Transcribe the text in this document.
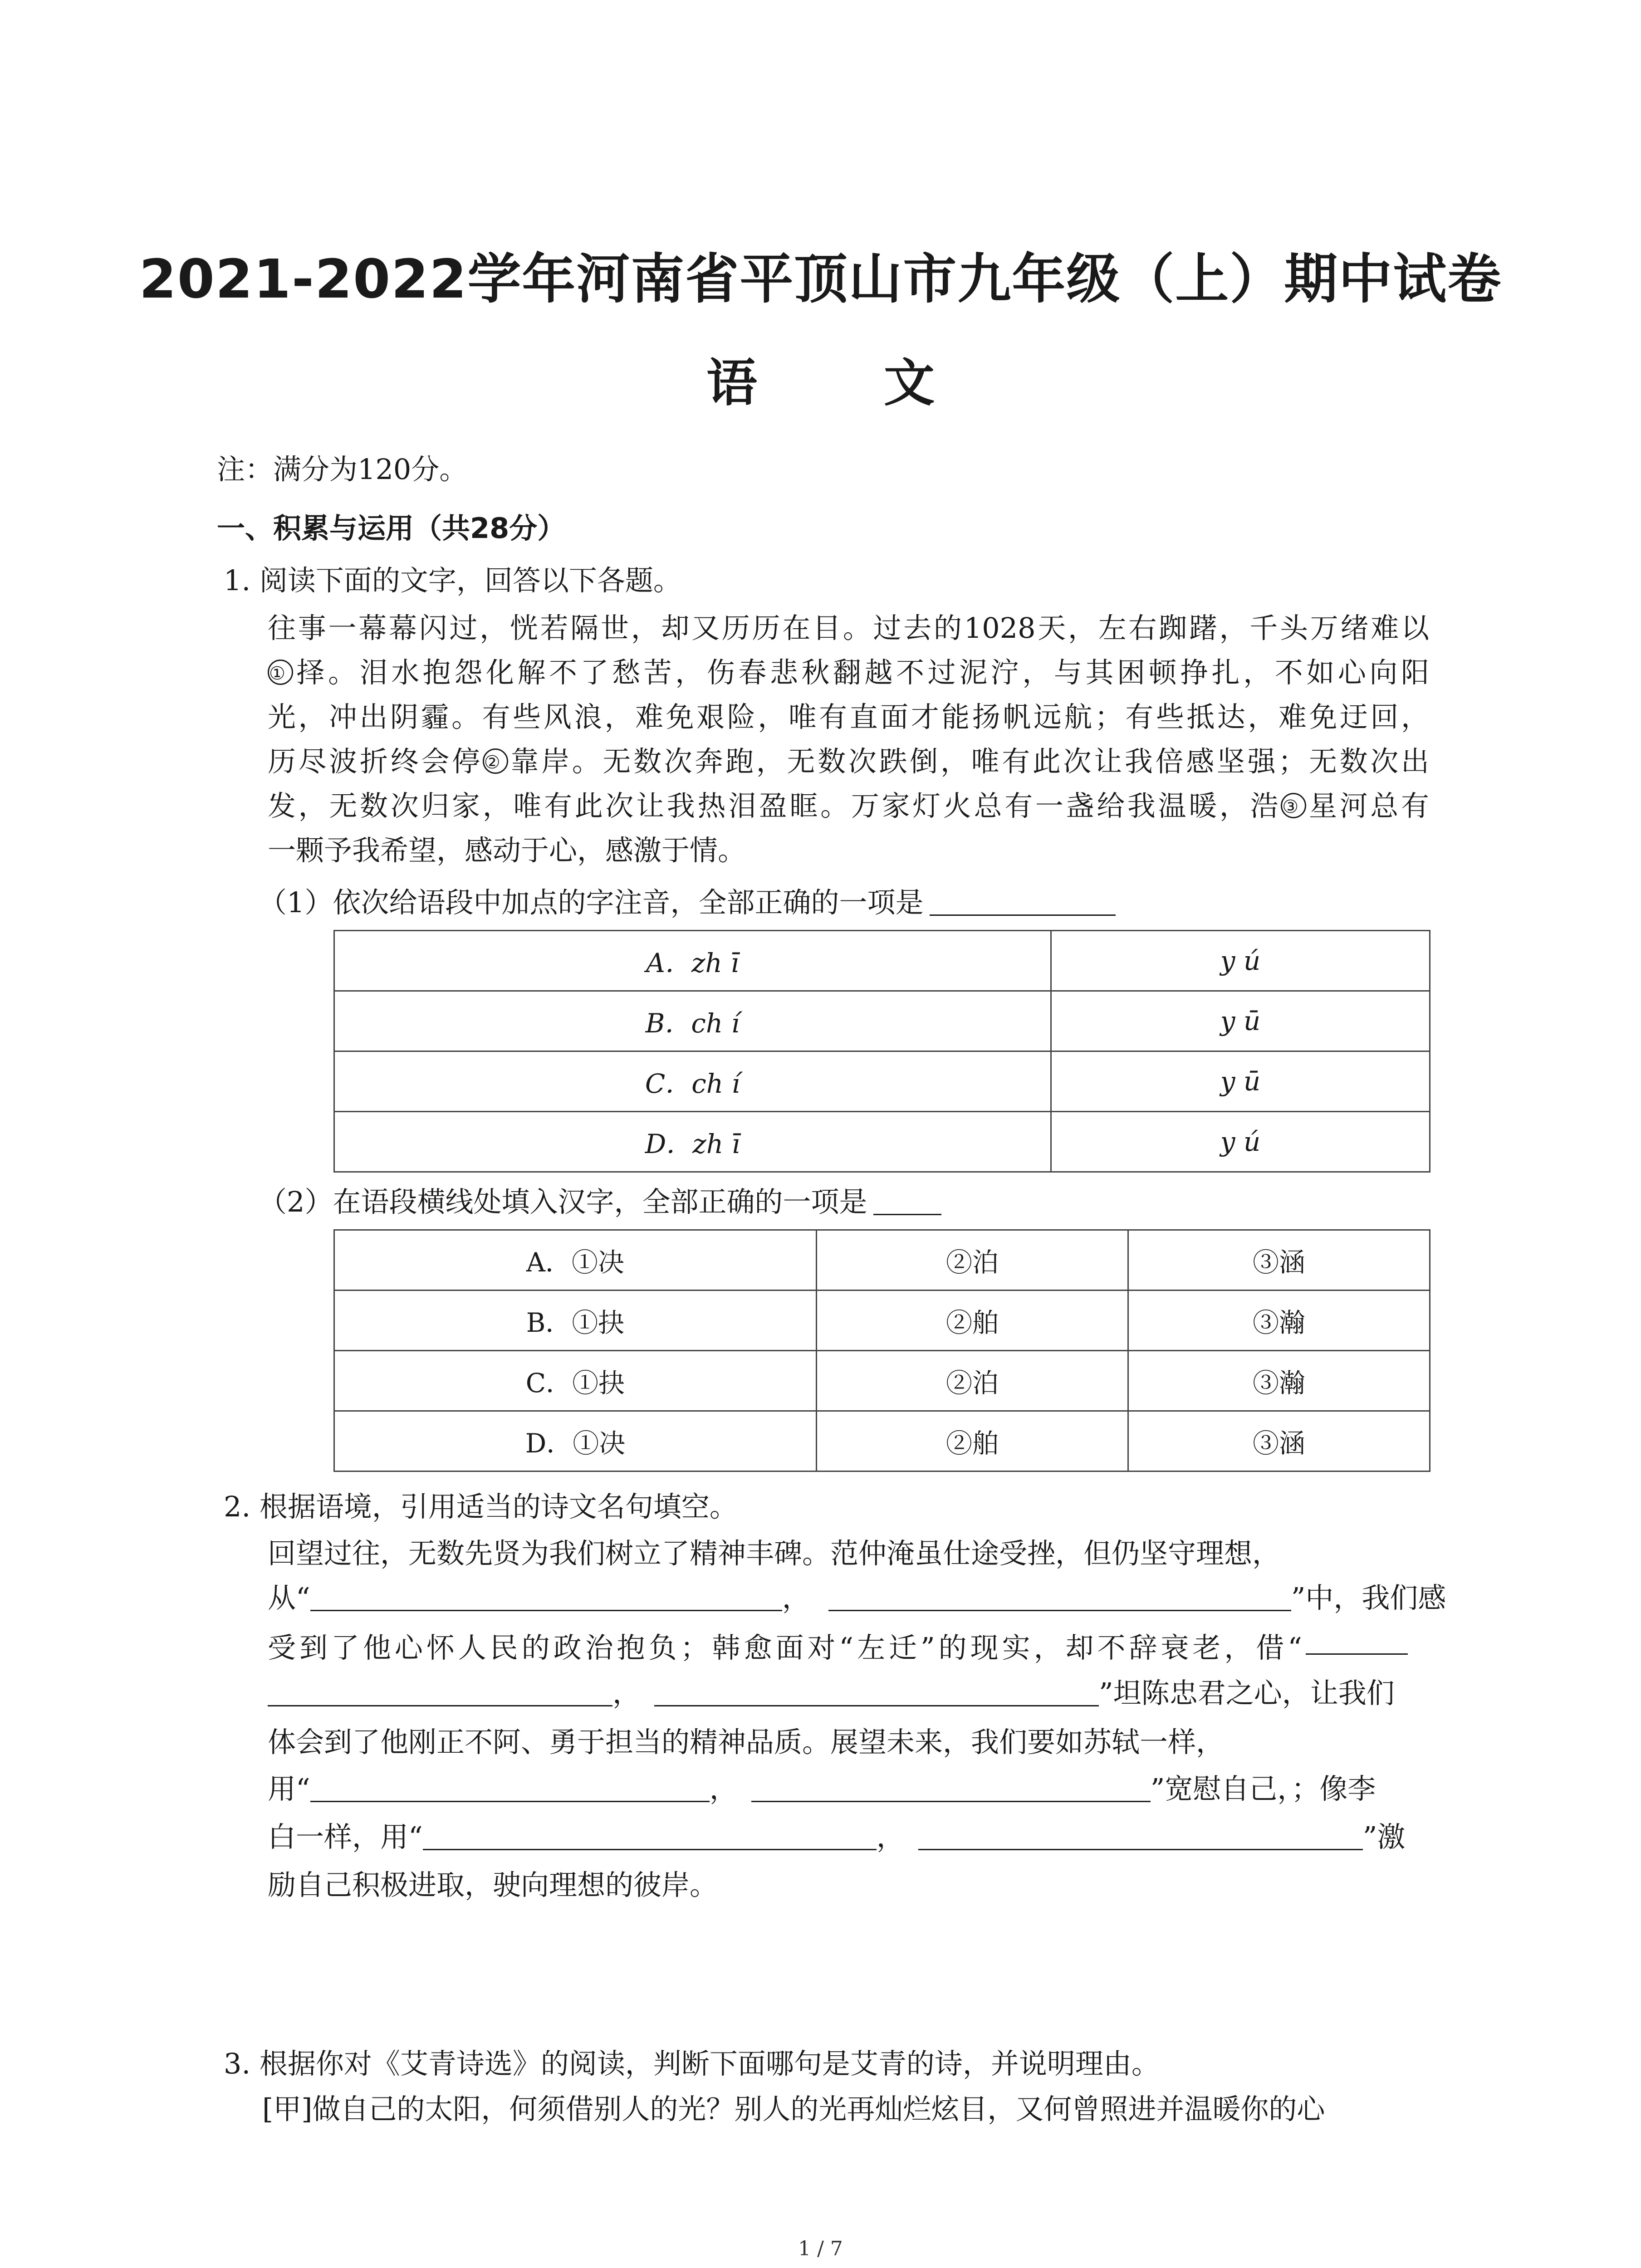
2021-2022学年河南省平顶山市九年级（上）期中试卷
语 文
注：满分为120分。
一、积累与运用（共28分）
1. 阅读下面的文字，回答以下各题。
往事一幕幕闪过，恍若隔世，却又历历在目。过去的1028天，左右踟躇，千头万绪难以
① 择。泪水抱怨化解不了愁苦，伤春悲秋翻越不过泥泞，与其困顿挣扎，不如心向阳
光，冲出阴霾。有些风浪，难免艰险，唯有直面才能扬帆远航；有些抵达，难免迂回，
历尽波折终会停② 靠岸。无数次奔跑，无数次跌倒，唯有此次让我倍感坚强；无数次出
发，无数次归家，唯有此次让我热泪盈眶。万家灯火总有一盏给我温暖，浩③ 星河总有
一颗予我希望，感动于心，感激于情。
（1）依次给语段中加点的字注音，全部正确的一项是
A．zh ī	y ú
B．ch í	y ū
C．ch í	y ū
D．zh ī	y ú
（2）在语段横线处填入汉字，全部正确的一项是
A．①决	②泊	③涵
B．①抉	②舶	③瀚
C．①抉	②泊	③瀚
D．①决	②舶	③涵
2. 根据语境，引用适当的诗文名句填空。
回望过往，无数先贤为我们树立了精神丰碑。范仲淹虽仕途受挫，但仍坚守理想，
从“	，	”中，我们感
受到了他心怀人民的政治抱负；韩愈面对“左迁”的现实，却不辞衰老，借“
，	”坦陈忠君之心，让我们
体会到了他刚正不阿、勇于担当的精神品质。展望未来，我们要如苏轼一样，
用“	，	”宽慰自己，；像李
白一样，用“	，	”激
励自己积极进取，驶向理想的彼岸。
3. 根据你对《艾青诗选》的阅读，判断下面哪句是艾青的诗，并说明理由。
[甲]做自己的太阳，何须借别人的光？别人的光再灿烂炫目，又何曾照进并温暖你的心
1 / 7
